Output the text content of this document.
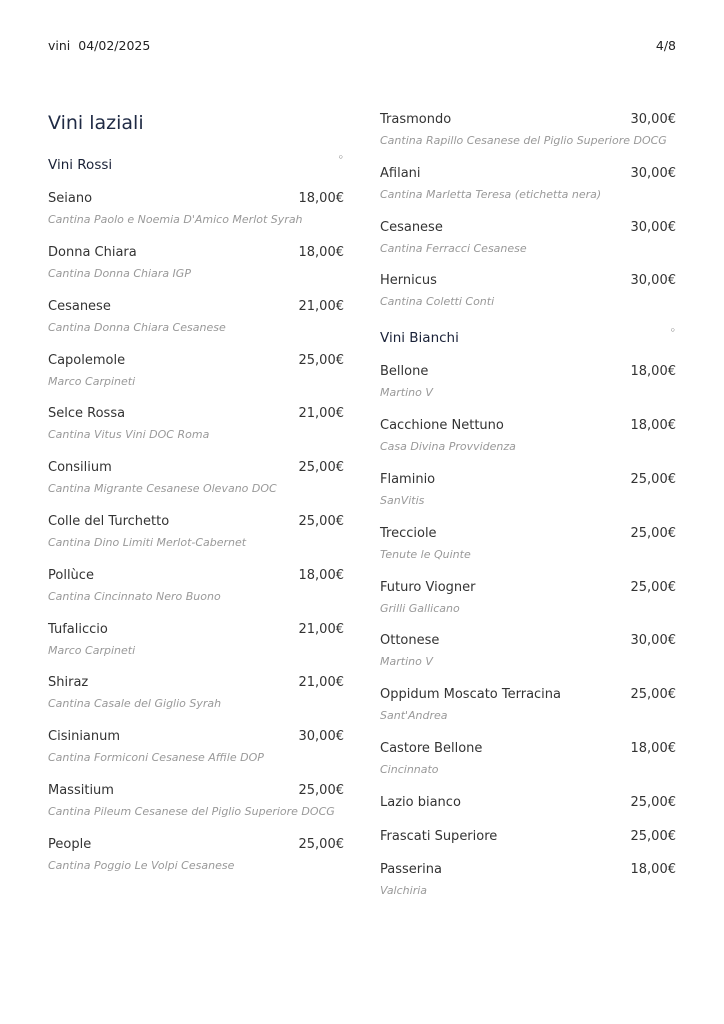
vini 04/02/2025	4/8
Vini laziali
Vini Rossi	◦
Seiano	18,00€
Cantina Paolo e Noemia D'Amico Merlot Syrah
Donna Chiara	18,00€
Cantina Donna Chiara IGP
Cesanese	21,00€
Cantina Donna Chiara Cesanese
Capolemole	25,00€
Marco Carpineti
Selce Rossa	21,00€
Cantina Vitus Vini DOC Roma
Consilium	25,00€
Cantina Migrante Cesanese Olevano DOC
Colle del Turchetto	25,00€
Cantina Dino Limiti Merlot-Cabernet
Pollùce	18,00€
Cantina Cincinnato Nero Buono
Tufaliccio	21,00€
Marco Carpineti
Shiraz	21,00€
Cantina Casale del Giglio Syrah
Cisinianum	30,00€
Cantina Formiconi Cesanese Affile DOP
Massitium	25,00€
Cantina Pileum Cesanese del Piglio Superiore DOCG
People	25,00€
Cantina Poggio Le Volpi Cesanese
Trasmondo	30,00€
Cantina Rapillo Cesanese del Piglio Superiore DOCG
Afilani	30,00€
Cantina Marletta Teresa (etichetta nera)
Cesanese	30,00€
Cantina Ferracci Cesanese
Hernicus	30,00€
Cantina Coletti Conti
Vini Bianchi	◦
Bellone	18,00€
Martino V
Cacchione Nettuno	18,00€
Casa Divina Provvidenza
Flaminio	25,00€
SanVitis
Trecciole	25,00€
Tenute le Quinte
Futuro Viogner	25,00€
Grilli Gallicano
Ottonese	30,00€
Martino V
Oppidum Moscato Terracina	25,00€
Sant'Andrea
Castore Bellone	18,00€
Cincinnato
Lazio bianco	25,00€
Frascati Superiore	25,00€
Passerina	18,00€
Valchiria
